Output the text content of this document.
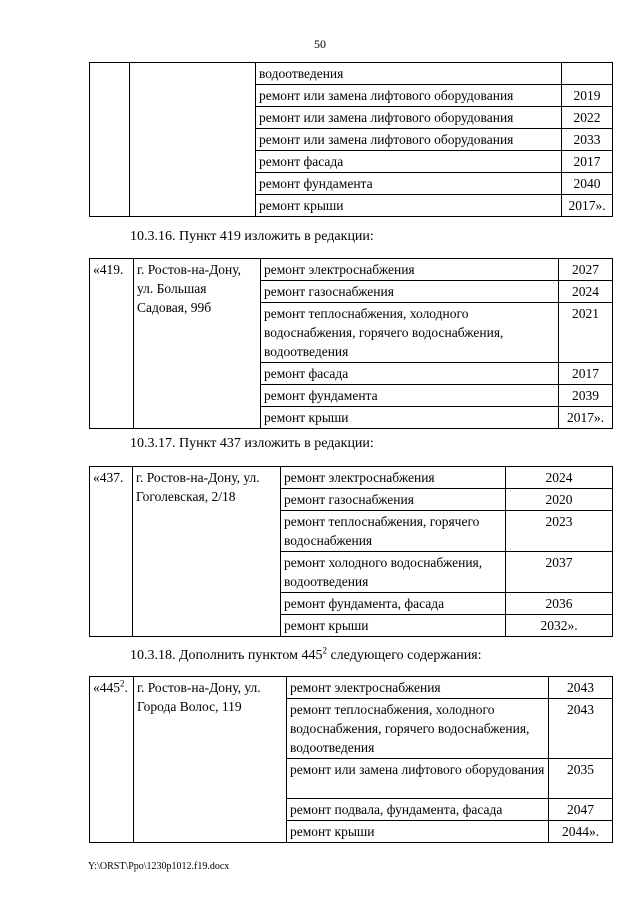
50
		водоотведения	
		ремонт или замена лифтового оборудования	2019
		ремонт или замена лифтового оборудования	2022
		ремонт или замена лифтового оборудования	2033
		ремонт фасада	2017
		ремонт фундамента	2040
		ремонт крыши	2017».
10.3.16. Пункт 419 изложить в редакции:
«419.	г. Ростов-на-Дону, ул. Большая Садовая, 99б	ремонт электроснабжения	2027
		ремонт газоснабжения	2024
		ремонт теплоснабжения, холодного водоснабжения, горячего водоснабжения, водоотведения	2021
		ремонт фасада	2017
		ремонт фундамента	2039
		ремонт крыши	2017».
10.3.17. Пункт 437 изложить в редакции:
«437.	г. Ростов-на-Дону, ул. Гоголевская, 2/18	ремонт электроснабжения	2024
		ремонт газоснабжения	2020
		ремонт теплоснабжения, горячего водоснабжения	2023
		ремонт холодного водоснабжения, водоотведения	2037
		ремонт фундамента, фасада	2036
		ремонт крыши	2032».
10.3.18. Дополнить пунктом $445^2$ следующего содержания:
«$445^2$.	г. Ростов-на-Дону, ул. Города Волос, 119	ремонт электроснабжения	2043
		ремонт теплоснабжения, холодного водоснабжения, горячего водоснабжения, водоотведения	2043
		ремонт или замена лифтового оборудования	2035
		ремонт подвала, фундамента, фасада	2047
		ремонт крыши	2044».
Y:\ORST\Ppo\1230p1012.f19.docx
